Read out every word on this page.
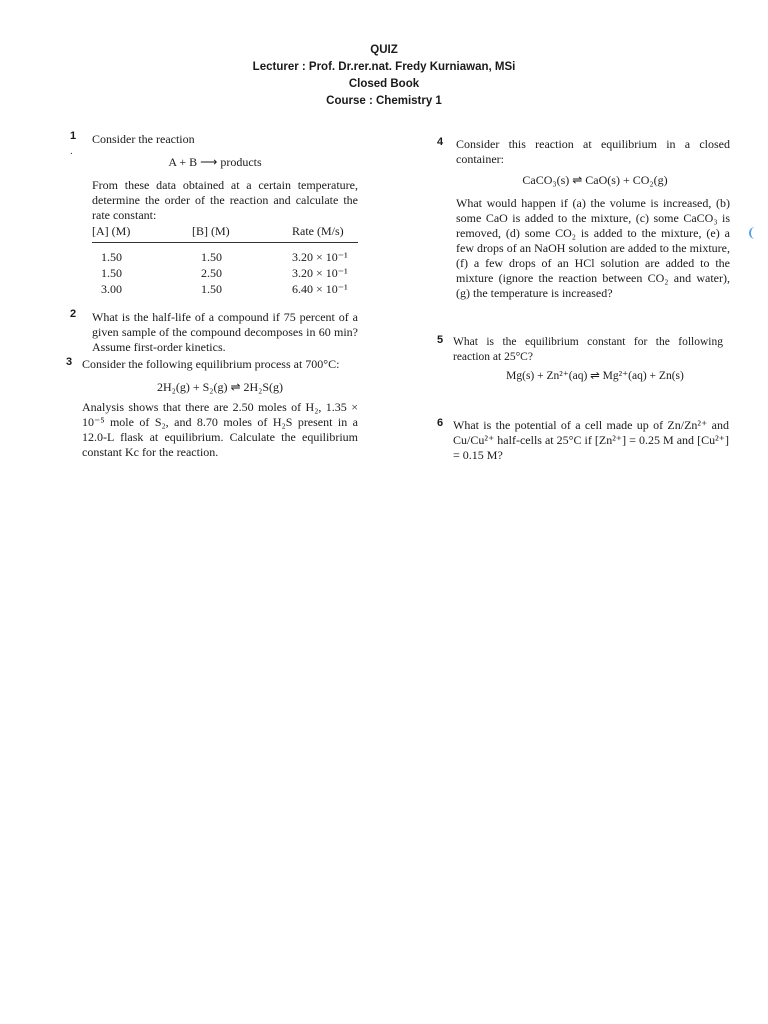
QUIZ
Lecturer : Prof. Dr.rer.nat. Fredy Kurniawan, MSi
Closed Book
Course : Chemistry 1
1
.
Consider the reaction
A + B ⟶ products
From these data obtained at a certain temperature, determine the order of the reaction and calculate the rate constant:
[A] (M)	[B] (M)	Rate (M/s)
1.50	1.50	3.20 × 10⁻¹
1.50	2.50	3.20 × 10⁻¹
3.00	1.50	6.40 × 10⁻¹
2 What is the half-life of a compound if 75 percent of a given sample of the compound decomposes in 60 min? Assume first-order kinetics.
3 Consider the following equilibrium process at 700°C:
2H₂(g) + S₂(g) ⇌ 2H₂S(g)
Analysis shows that there are 2.50 moles of H₂, 1.35 × 10⁻⁵ mole of S₂, and 8.70 moles of H₂S present in a 12.0-L flask at equilibrium. Calculate the equilibrium constant Kc for the reaction.
4 Consider this reaction at equilibrium in a closed container:
CaCO₃(s) ⇌ CaO(s) + CO₂(g)
What would happen if (a) the volume is increased, (b) some CaO is added to the mixture, (c) some CaCO₃ is removed, (d) some CO₂ is added to the mixture, (e) a few drops of an NaOH solution are added to the mixture, (f) a few drops of an HCl solution are added to the mixture (ignore the reaction between CO₂ and water), (g) the temperature is increased?
5 What is the equilibrium constant for the following reaction at 25°C?
Mg(s) + Zn²⁺(aq) ⇌ Mg²⁺(aq) + Zn(s)
6 What is the potential of a cell made up of Zn/Zn²⁺ and Cu/Cu²⁺ half-cells at 25°C if [Zn²⁺] = 0.25 M and [Cu²⁺] = 0.15 M?
